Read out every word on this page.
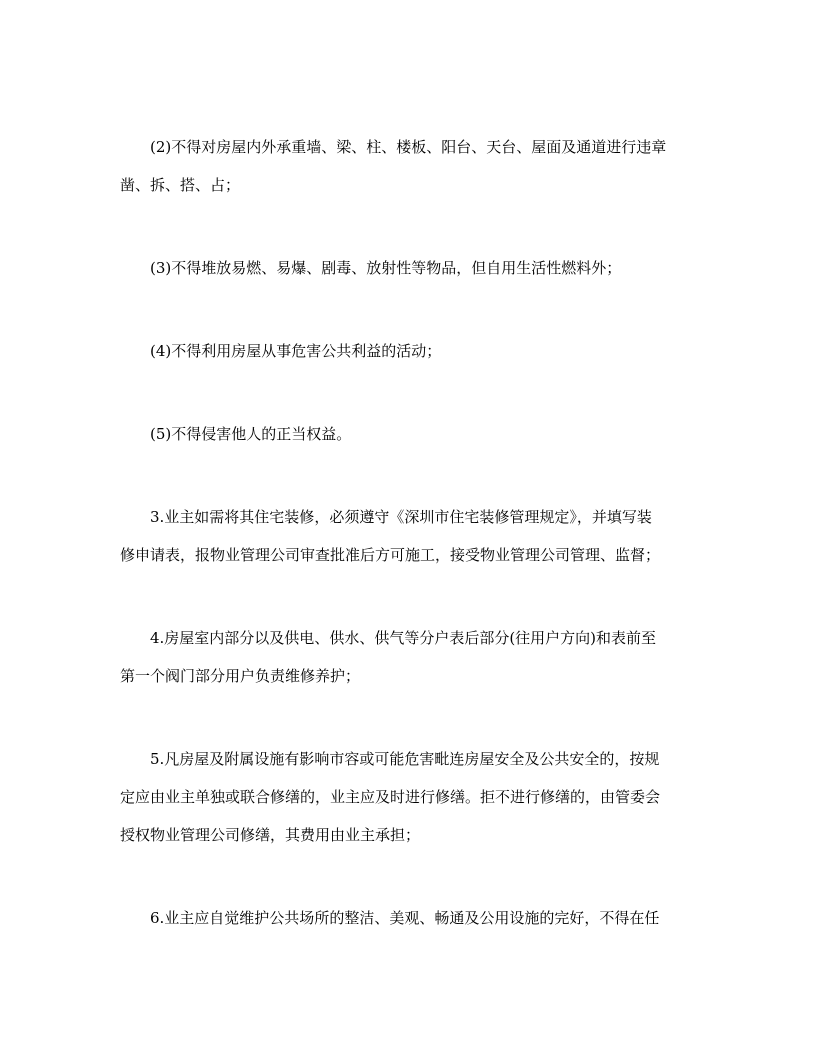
(2)不得对房屋内外承重墙、梁、柱、楼板、阳台、天台、屋面及通道进行违章
凿、拆、搭、占；

(3)不得堆放易燃、易爆、剧毒、放射性等物品，但自用生活性燃料外；

(4)不得利用房屋从事危害公共利益的活动；

(5)不得侵害他人的正当权益。

3.业主如需将其住宅装修，必须遵守《深圳市住宅装修管理规定》，并填写装
修申请表，报物业管理公司审查批准后方可施工，接受物业管理公司管理、监督；

4.房屋室内部分以及供电、供水、供气等分户表后部分(往用户方向)和表前至
第一个阀门部分用户负责维修养护；

5.凡房屋及附属设施有影响市容或可能危害毗连房屋安全及公共安全的，按规
定应由业主单独或联合修缮的，业主应及时进行修缮。拒不进行修缮的，由管委会
授权物业管理公司修缮，其费用由业主承担；

6.业主应自觉维护公共场所的整洁、美观、畅通及公用设施的完好，不得在任
